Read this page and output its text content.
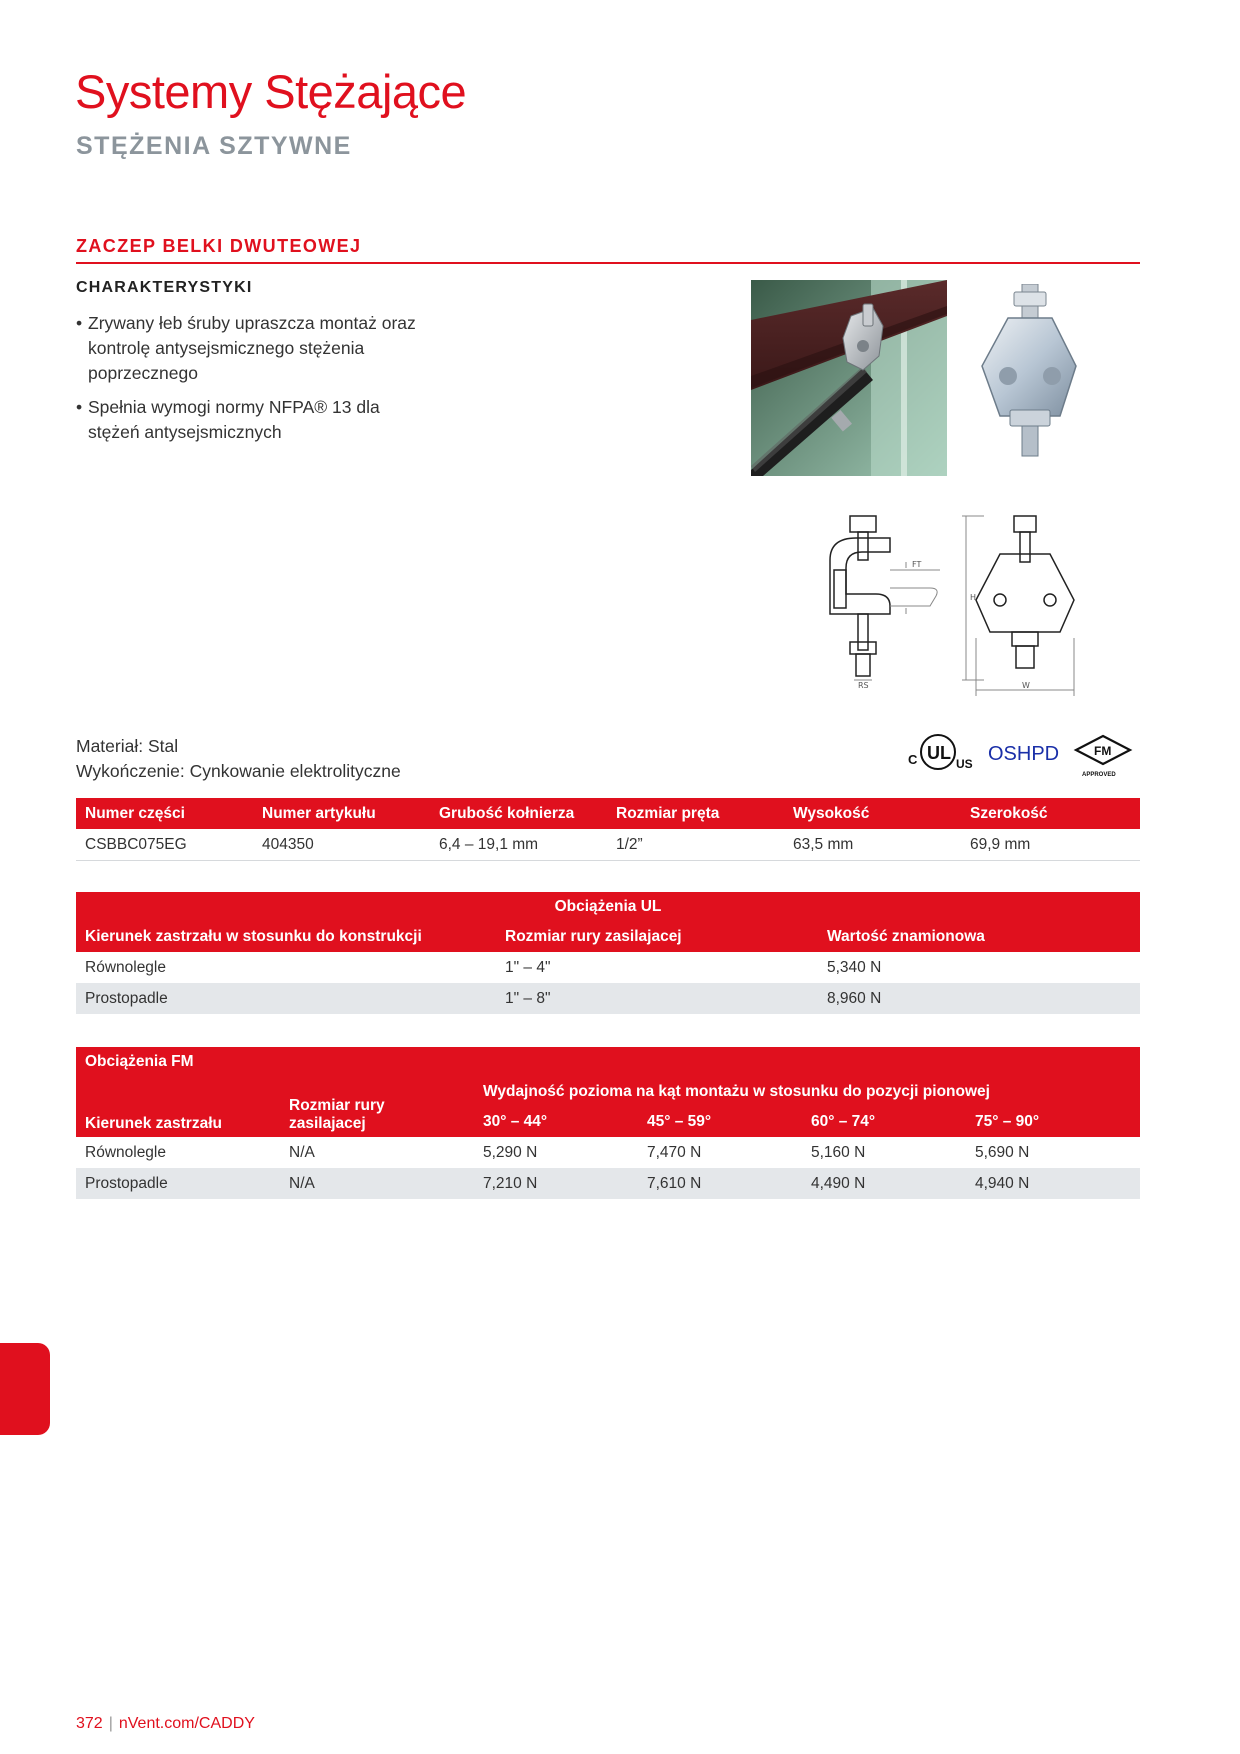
Systemy Stężające
STĘŻENIA SZTYWNE
ZACZEP BELKI DWUTEOWEJ
CHARAKTERYSTYKI
• Zrywany łeb śruby upraszcza montaż oraz kontrolę antysejsmicznego stężenia poprzecznego
• Spełnia wymogi normy NFPA® 13 dla stężeń antysejsmicznych
FT
RS
H
W
Materiał: Stal
Wykończenie: Cynkowanie elektrolityczne
UL
C	US OSHPD	FM
APPROVED
Numer części	Numer artykułu	Grubość kołnierza	Rozmiar pręta	Wysokość	Szerokość
CSBBC075EG	404350	6,4 – 19,1 mm	1/2”	63,5 mm	69,9 mm
Obciążenia UL		
Kierunek zastrzału w stosunku do konstrukcji	Rozmiar rury zasilajacej	Wartość znamionowa
Równolegle	1" – 4"	5,340 N
Prostopadle	1" – 8"	8,960 N
Obciążenia FM					
Kierunek zastrzału	Rozmiar rury zasilajacej	Wydajność pozioma na kąt montażu w stosunku do pozycji pionowej			
		30° – 44°	45° – 59°	60° – 74°	75° – 90°
Równolegle	N/A	5,290 N	7,470 N	5,160 N	5,690 N
Prostopadle	N/A	7,210 N	7,610 N	4,490 N	4,940 N
372 | nVent.com/CADDY
